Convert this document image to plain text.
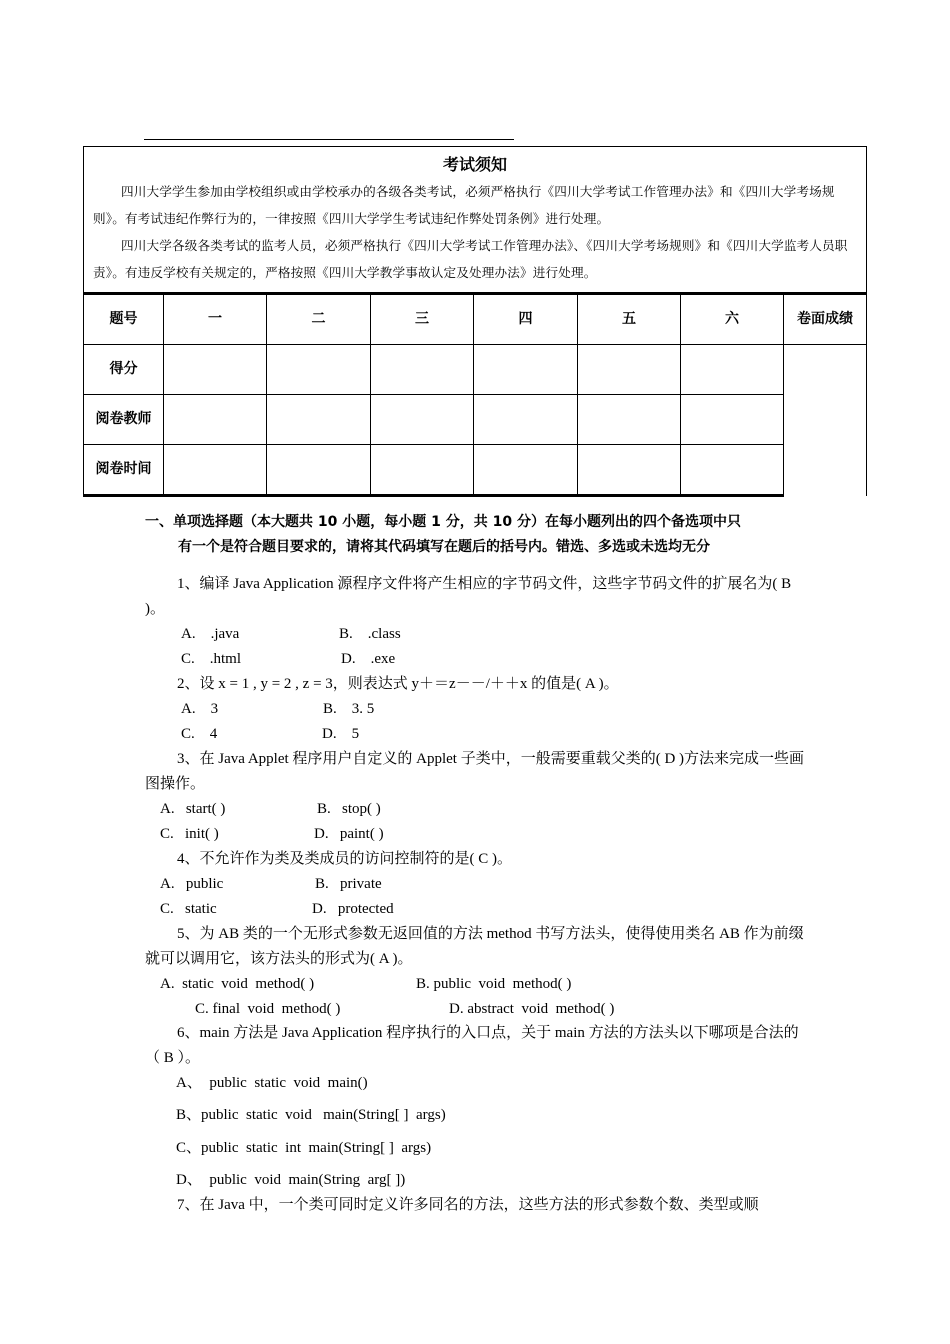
考试须知
四川大学学生参加由学校组织或由学校承办的各级各类考试，必须严格执行《四川大学考试工作管理办法》和《四川大学考场规则》。有考试违纪作弊行为的，一律按照《四川大学学生考试违纪作弊处罚条例》进行处理。
四川大学各级各类考试的监考人员，必须严格执行《四川大学考试工作管理办法》、《四川大学考场规则》和《四川大学监考人员职责》。有违反学校有关规定的，严格按照《四川大学教学事故认定及处理办法》进行处理。
题号	一	二	三	四	五	六	卷面成绩
得分							
阅卷教师							
阅卷时间							
一、单项选择题（本大题共 10 小题，每小题 1 分，共 10 分）在每小题列出的四个备选项中只
有一个是符合题目要求的，请将其代码填写在题后的括号内。错选、多选或未选均无分
1、编译 Java Application 源程序文件将产生相应的字节码文件，这些字节码文件的扩展名为( B )。
A.    .java	B.    .class
C.    .html	D.    .exe
2、设 x = 1 , y = 2 , z = 3，则表达式 y＋＝z－－/＋＋x 的值是( A )。
A.    3	B.    3. 5
C.    4	D.    5
3、在 Java Applet 程序用户自定义的 Applet 子类中，一般需要重载父类的( D )方法来完成一些画图操作。
A.   start( )	B.   stop( )
C.   init( )	D.   paint( )
4、不允许作为类及类成员的访问控制符的是( C )。
A.   public	B.   private
C.   static	D.   protected
5、为 AB 类的一个无形式参数无返回值的方法 method 书写方法头，使得使用类名 AB 作为前缀就可以调用它，该方法头的形式为( A )。
A.  static  void  method( )	B. public  void  method( )
C. final  void  method( )	D. abstract  void  method( )
6、main 方法是 Java Application 程序执行的入口点，关于 main 方法的方法头以下哪项是合法的（ B ）。
A、  public  static  void  main()
B、public  static  void   main(String[ ]  args)
C、public  static  int  main(String[ ]  args)
D、  public  void  main(String  arg[ ])
7、在 Java 中，一个类可同时定义许多同名的方法，这些方法的形式参数个数、类型或顺
